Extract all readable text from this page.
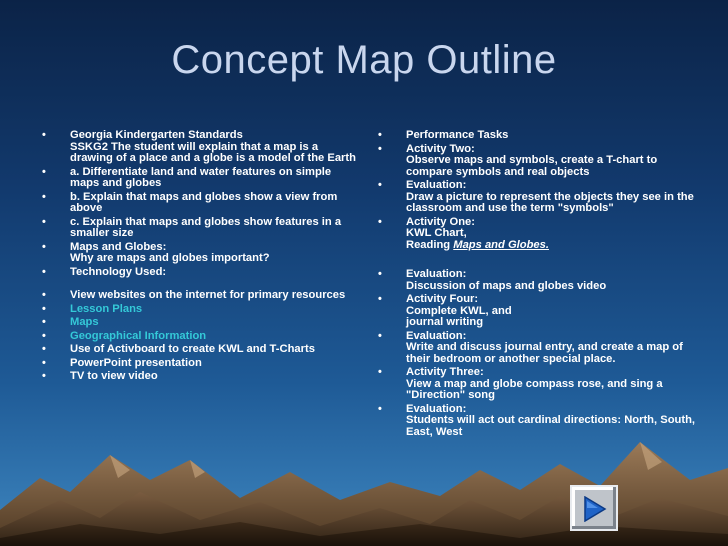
Concept Map Outline
• Georgia Kindergarten Standards
SSKG2 The student will explain that a map is a drawing of a place and a globe is a model of the Earth
• a. Differentiate land and water features on simple maps and globes
• b. Explain that maps and globes show a view from above
• c. Explain that maps and globes show features in a smaller size
• Maps and Globes:
Why are maps and globes important?
• Technology Used:
• View websites on the internet for primary resources
• Lesson Plans
• Maps
• Geographical Information
• Use of Activboard to create KWL and T-Charts
• PowerPoint presentation
• TV to view video
• Performance Tasks
• Activity Two:
Observe maps and symbols, create a T-chart to compare symbols and real objects
• Evaluation:
Draw a picture to represent the objects they see in the classroom and use the term "symbols"
• Activity One:
KWL Chart,
Reading Maps and Globes.
• Evaluation:
Discussion of maps and globes video
• Activity Four:
Complete KWL, and
journal writing
• Evaluation:
Write and discuss journal entry, and create a map of their bedroom or another special place.
• Activity Three:
View a map and globe compass rose, and sing a "Direction" song
• Evaluation:
Students will act out cardinal directions: North, South, East, West
